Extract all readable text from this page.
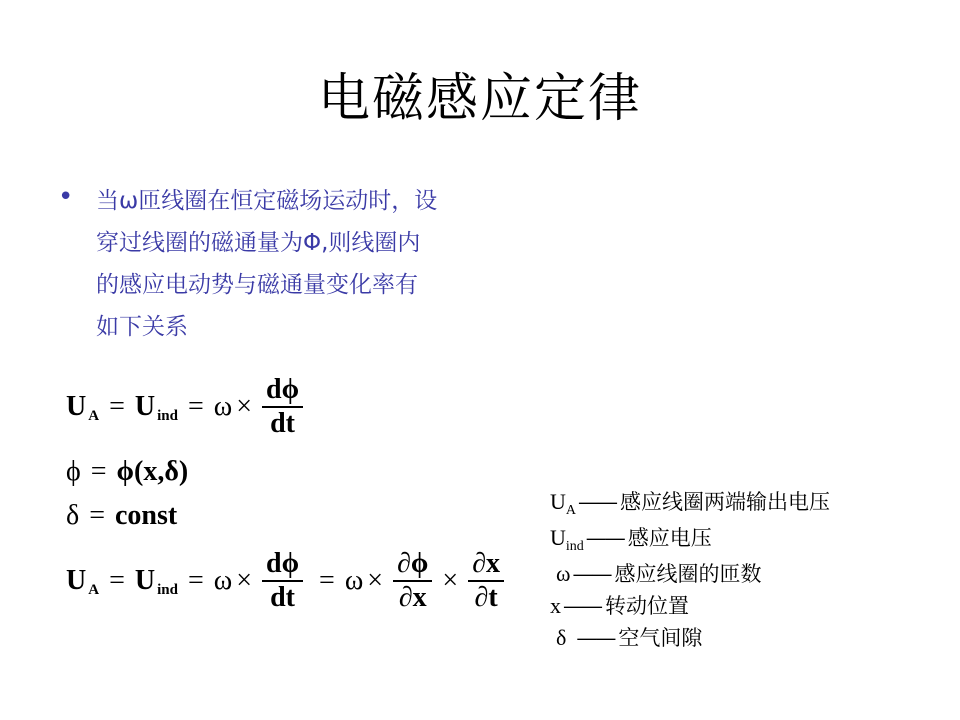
电磁感应定律
• 当ω匝线圈在恒定磁场运动时，设
穿过线圈的磁通量为Φ,则线圈内
的感应电动势与磁通量变化率有
如下关系
U A = U ind = $\omega \times \frac{d\phi}{dt}$
ϕ = ϕ(x,δ)
δ = const
U A = U ind = $\omega \times \frac{d\phi}{dt} = \omega \times \frac{\partial\phi}{\partial x} \times \frac{\partial x}{\partial t}$
U A —— 感应线圈两端输出电压
U ind —— 感应电压
ω —— 感应线圈的匝数
x —— 转动位置
δ —— 空气间隙
